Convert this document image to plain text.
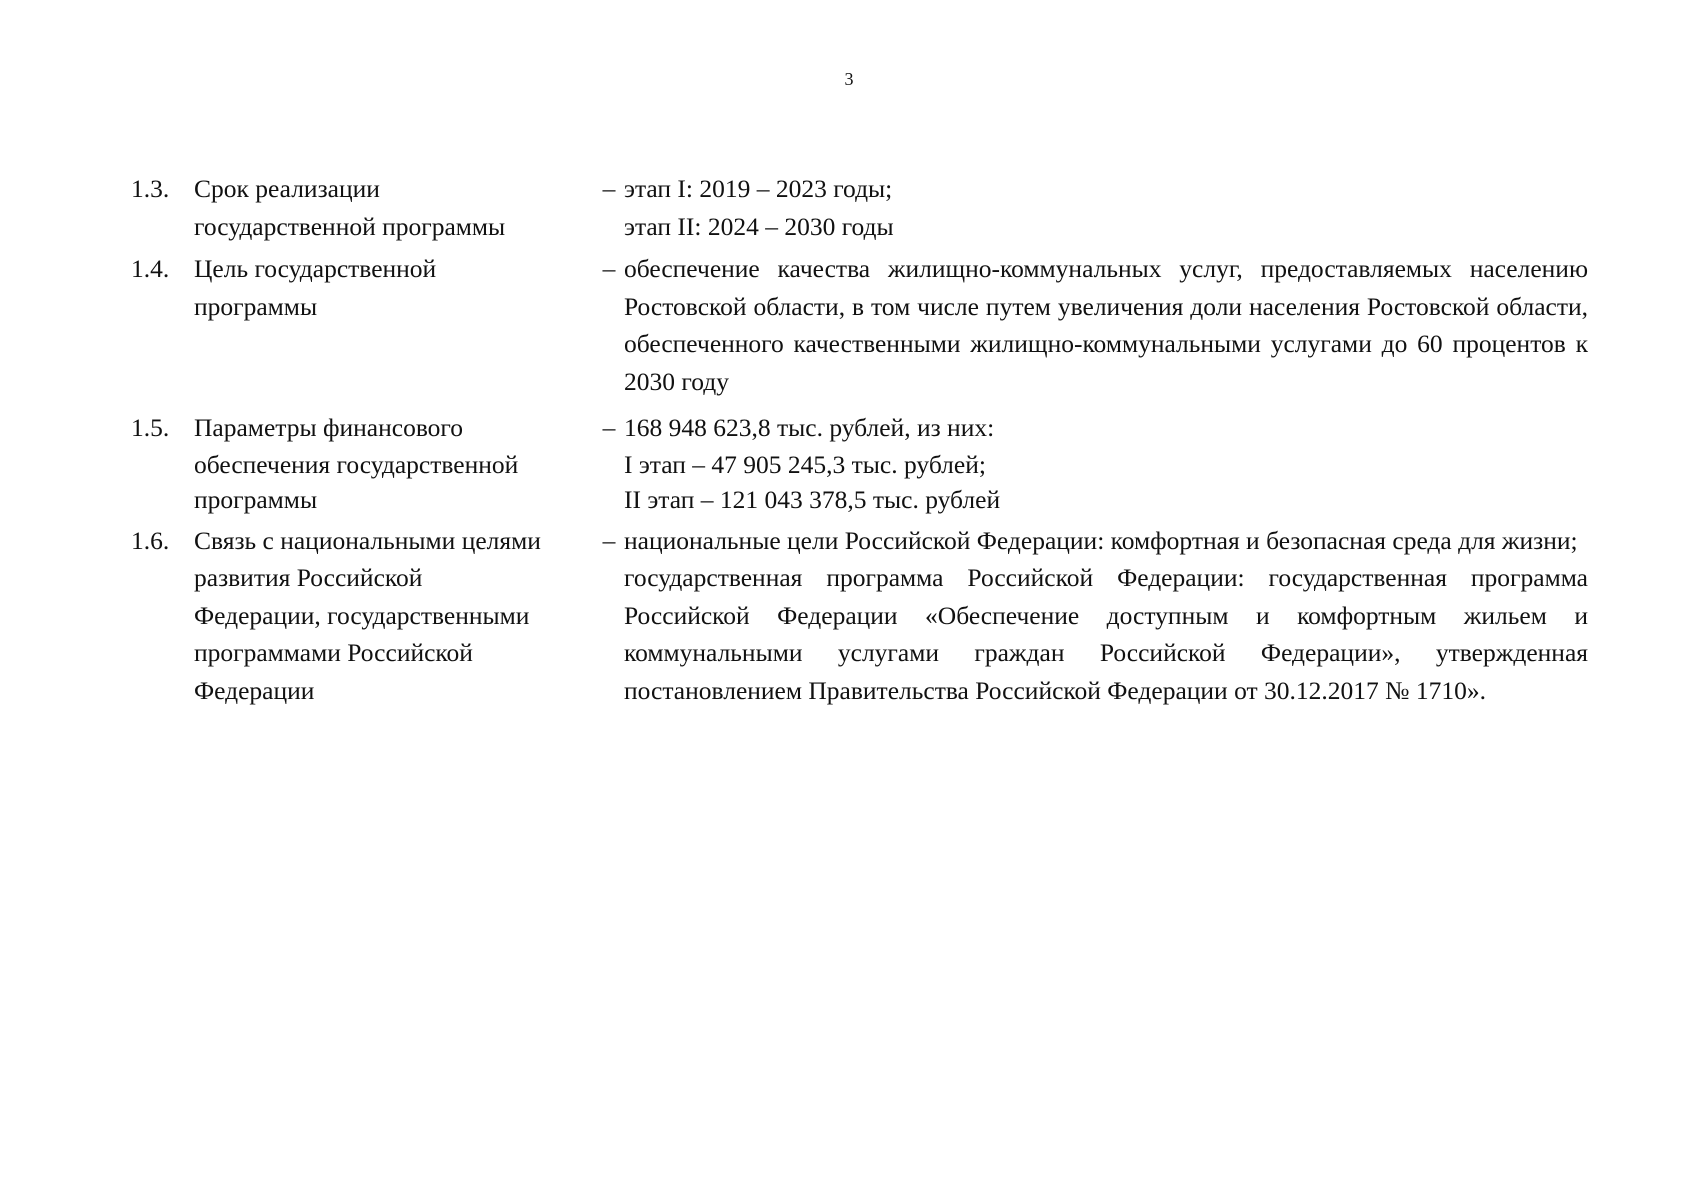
3
1.3. Срок реализации
государственной программы
– этап I: 2019 – 2023 годы;
этап II: 2024 – 2030 годы
1.4. Цель государственной
программы
– обеспечение качества жилищно-коммунальных услуг, предоставляемых населению Ростовской области, в том числе путем увеличения доли населения Ростовской области, обеспеченного качественными жилищно-коммунальными услугами до 60 процентов к 2030 году
1.5. Параметры финансового
обеспечения государственной
программы
– 168 948 623,8 тыс. рублей, из них:
I этап – 47 905 245,3 тыс. рублей;
II этап – 121 043 378,5 тыс. рублей
1.6. Связь с национальными целями
развития Российской
Федерации, государственными
программами Российской
Федерации
– национальные цели Российской Федерации: комфортная и безопасная среда для жизни;
государственная программа Российской Федерации: государственная программа Российской Федерации «Обеспечение доступным и комфортным жильем и коммунальными услугами граждан Российской Федерации», утвержденная постановлением Правительства Российской Федерации от 30.12.2017 № 1710».
